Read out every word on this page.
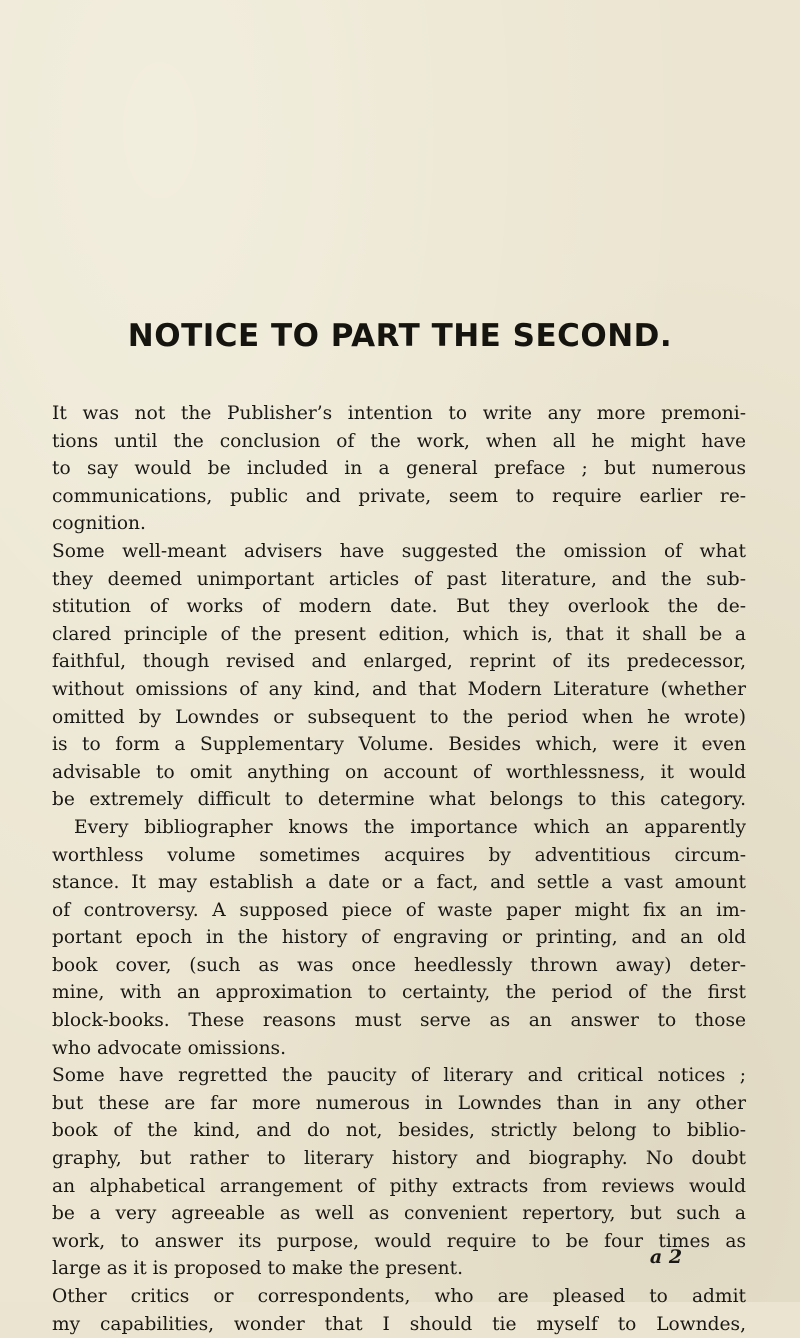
NOTICE TO PART THE SECOND.
It was not the Publisher’s intention to write any more premoni-
tions until the conclusion of the work, when all he might have
to say would be included in a general preface ; but numerous
communications, public and private, seem to require earlier re-
cognition.
Some well-meant advisers have suggested the omission of what
they deemed unimportant articles of past literature, and the sub-
stitution of works of modern date. But they overlook the de-
clared principle of the present edition, which is, that it shall be a
faithful, though revised and enlarged, reprint of its predecessor,
without omissions of any kind, and that Modern Literature (whether
omitted by Lowndes or subsequent to the period when he wrote)
is to form a Supplementary Volume. Besides which, were it even
advisable to omit anything on account of worthlessness, it would
be extremely difficult to determine what belongs to this category.
Every bibliographer knows the importance which an apparently
worthless volume sometimes acquires by adventitious circum-
stance. It may establish a date or a fact, and settle a vast amount
of controversy. A supposed piece of waste paper might fix an im-
portant epoch in the history of engraving or printing, and an old
book cover, (such as was once heedlessly thrown away) deter-
mine, with an approximation to certainty, the period of the first
block-books. These reasons must serve as an answer to those
who advocate omissions.
Some have regretted the paucity of literary and critical notices ;
but these are far more numerous in Lowndes than in any other
book of the kind, and do not, besides, strictly belong to biblio-
graphy, but rather to literary history and biography. No doubt
an alphabetical arrangement of pithy extracts from reviews would
be a very agreeable as well as convenient repertory, but such a
work, to answer its purpose, would require to be four times as
large as it is proposed to make the present.
Other critics or correspondents, who are pleased to admit
my capabilities, wonder that I should tie myself to Lowndes,
a 2
